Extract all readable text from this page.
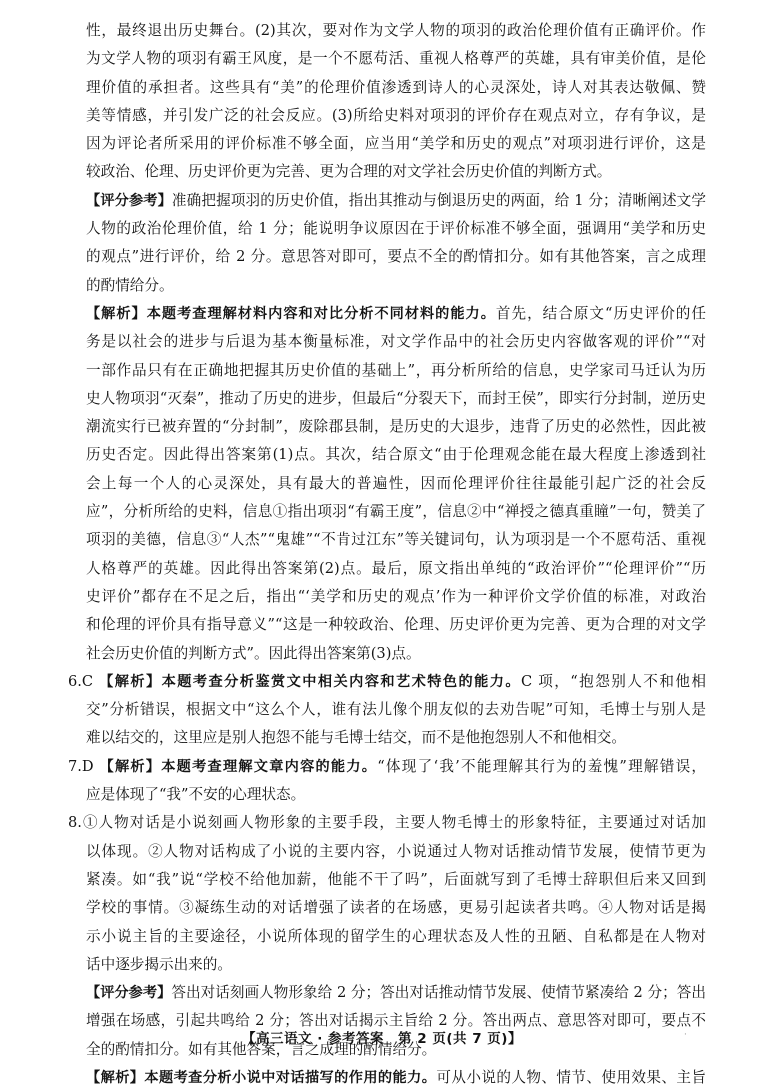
性，最终退出历史舞台。(2)其次，要对作为文学人物的项羽的政治伦理价值有正确评价。作
为文学人物的项羽有霸王风度，是一个不愿苟活、重视人格尊严的英雄，具有审美价值，是伦
理价值的承担者。这些具有“美”的伦理价值渗透到诗人的心灵深处，诗人对其表达敬佩、赞
美等情感，并引发广泛的社会反应。(3)所给史料对项羽的评价存在观点对立，存有争议，是
因为评论者所采用的评价标准不够全面，应当用“美学和历史的观点”对项羽进行评价，这是
较政治、伦理、历史评价更为完善、更为合理的对文学社会历史价值的判断方式。
【评分参考】准确把握项羽的历史价值，指出其推动与倒退历史的两面，给 1 分；清晰阐述文学
人物的政治伦理价值，给 1 分；能说明争议原因在于评价标准不够全面，强调用“美学和历史
的观点”进行评价，给 2 分。意思答对即可，要点不全的酌情扣分。如有其他答案，言之成理
的酌情给分。
【解析】本题考查理解材料内容和对比分析不同材料的能力。首先，结合原文“历史评价的任
务是以社会的进步与后退为基本衡量标准，对文学作品中的社会历史内容做客观的评价”“对
一部作品只有在正确地把握其历史价值的基础上”，再分析所给的信息，史学家司马迁认为历
史人物项羽“灭秦”，推动了历史的进步，但最后“分裂天下，而封王侯”，即实行分封制，逆历史
潮流实行已被弃置的“分封制”，废除郡县制，是历史的大退步，违背了历史的必然性，因此被
历史否定。因此得出答案第(1)点。其次，结合原文“由于伦理观念能在最大程度上渗透到社
会上每一个人的心灵深处，具有最大的普遍性，因而伦理评价往往最能引起广泛的社会反
应”，分析所给的史料，信息①指出项羽“有霸王度”，信息②中“禅授之德真重瞳”一句，赞美了
项羽的美德，信息③“人杰”“鬼雄”“不肯过江东”等关键词句，认为项羽是一个不愿苟活、重视
人格尊严的英雄。因此得出答案第(2)点。最后，原文指出单纯的“政治评价”“伦理评价”“历
史评价”都存在不足之后，指出“‘美学和历史的观点’作为一种评价文学价值的标准，对政治
和伦理的评价具有指导意义”“这是一种较政治、伦理、历史评价更为完善、更为合理的对文学
社会历史价值的判断方式”。因此得出答案第(3)点。
6.C 【解析】本题考查分析鉴赏文中相关内容和艺术特色的能力。C 项，“抱怨别人不和他相
交”分析错误，根据文中“这么个人，谁有法儿像个朋友似的去劝告呢”可知，毛博士与别人是
难以结交的，这里应是别人抱怨不能与毛博士结交，而不是他抱怨别人不和他相交。
7.D 【解析】本题考查理解文章内容的能力。“体现了‘我’不能理解其行为的羞愧”理解错误，
应是体现了“我”不安的心理状态。
8.①人物对话是小说刻画人物形象的主要手段，主要人物毛博士的形象特征，主要通过对话加
以体现。②人物对话构成了小说的主要内容，小说通过人物对话推动情节发展，使情节更为
紧凑。如“我”说“学校不给他加薪，他能不干了吗”，后面就写到了毛博士辞职但后来又回到
学校的事情。③凝练生动的对话增强了读者的在场感，更易引起读者共鸣。④人物对话是揭
示小说主旨的主要途径，小说所体现的留学生的心理状态及人性的丑陋、自私都是在人物对
话中逐步揭示出来的。
【评分参考】答出对话刻画人物形象给 2 分；答出对话推动情节发展、使情节紧凑给 2 分；答出
增强在场感，引起共鸣给 2 分；答出对话揭示主旨给 2 分。答出两点、意思答对即可，要点不
全的酌情扣分。如有其他答案，言之成理的酌情给分。
【解析】本题考查分析小说中对话描写的作用的能力。可从小说的人物、情节、使用效果、主旨
【高三语文 · 参考答案　第 2 页(共 7 页)】	·
